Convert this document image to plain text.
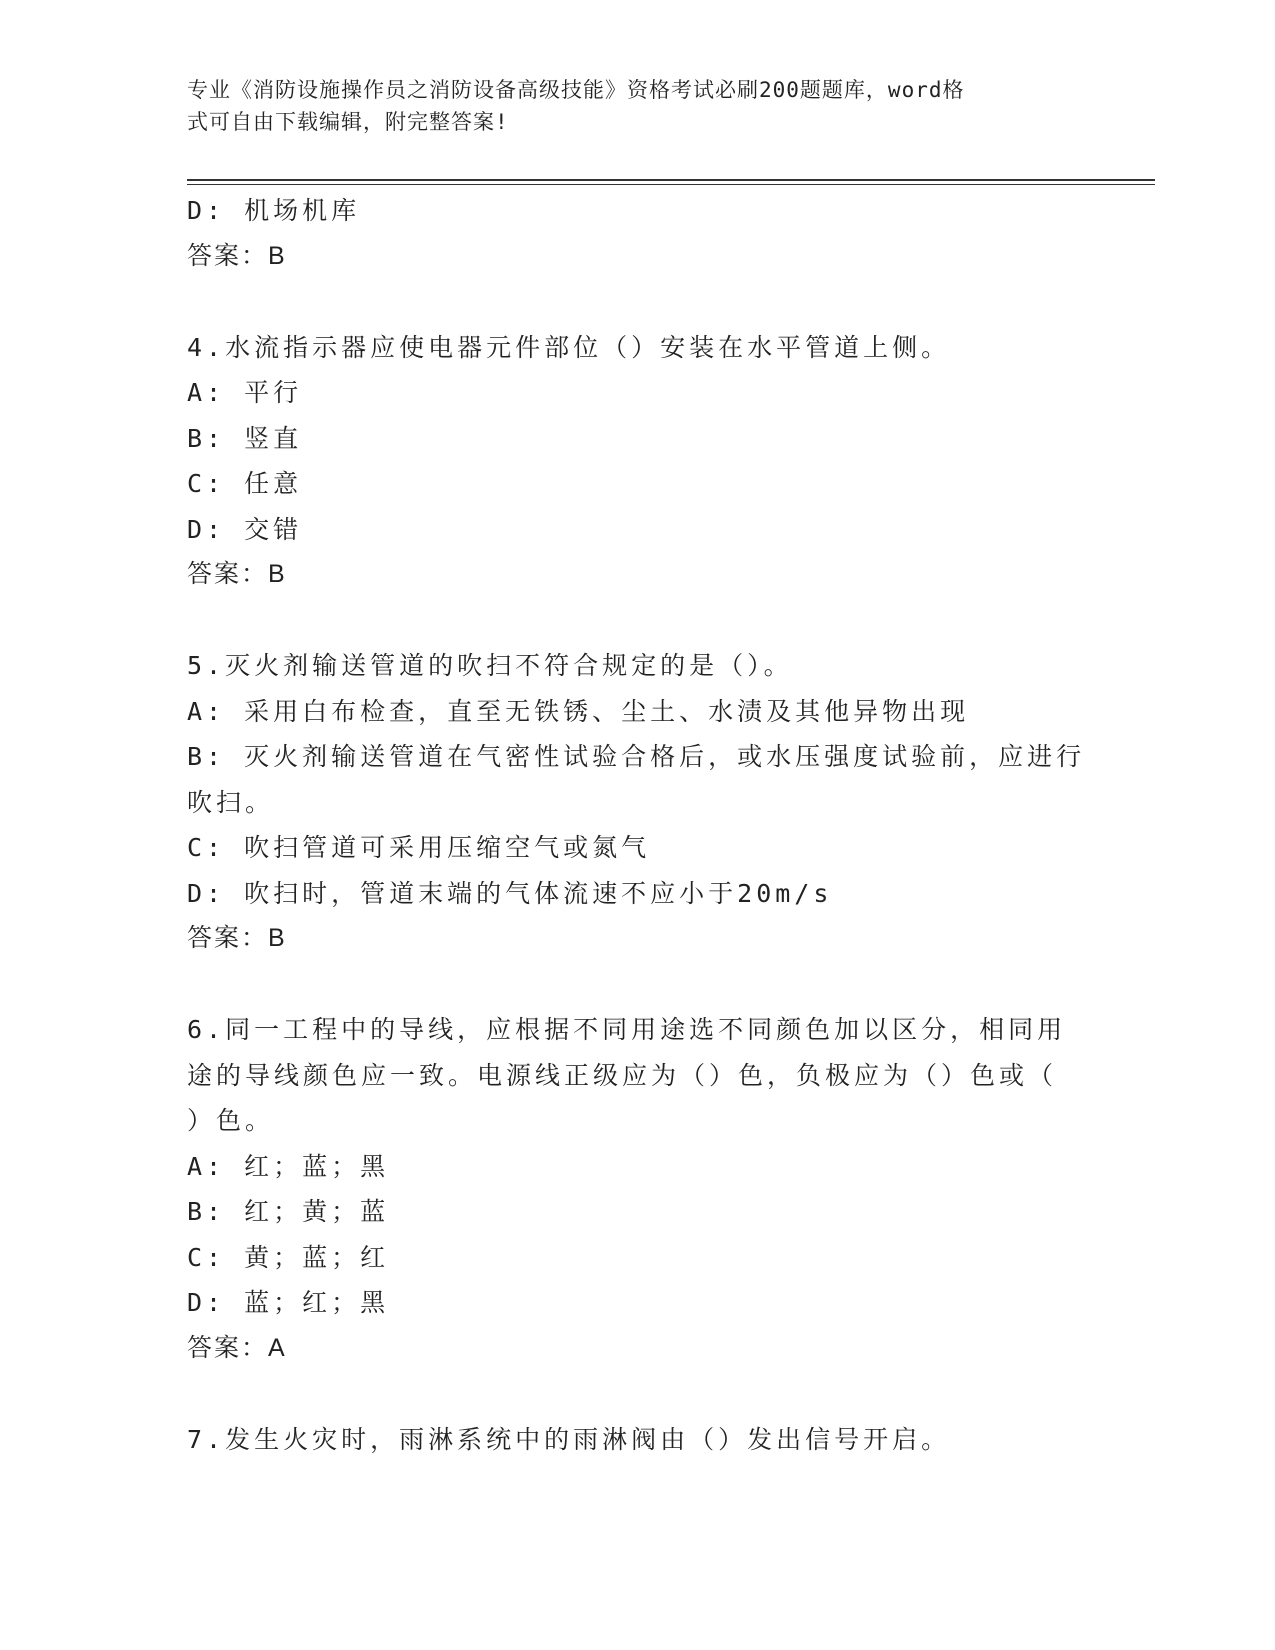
专业《消防设施操作员之消防设备高级技能》资格考试必刷200题题库，word格
式可自由下载编辑，附完整答案!
D: 机场机库
答案：B
4.水流指示器应使电器元件部位（）安装在水平管道上侧。
A: 平行
B: 竖直
C: 任意
D: 交错
答案：B
5.灭火剂输送管道的吹扫不符合规定的是（）。
A: 采用白布检查，直至无铁锈、尘土、水渍及其他异物出现
B: 灭火剂输送管道在气密性试验合格后，或水压强度试验前，应进行
吹扫。
C: 吹扫管道可采用压缩空气或氮气
D: 吹扫时，管道末端的气体流速不应小于20m/s
答案：B
6.同一工程中的导线，应根据不同用途选不同颜色加以区分，相同用
途的导线颜色应一致。电源线正级应为（）色，负极应为（）色或（
）色。
A: 红；蓝；黑
B: 红；黄；蓝
C: 黄；蓝；红
D: 蓝；红；黑
答案：A
7.发生火灾时，雨淋系统中的雨淋阀由（）发出信号开启。
